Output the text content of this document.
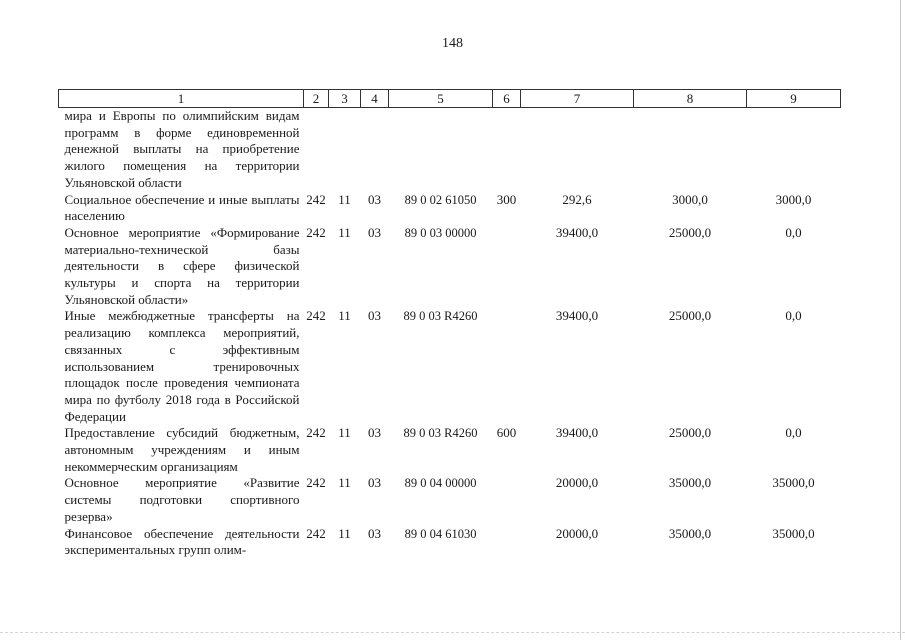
148
1	2	3	4	5	6	7	8	9
мира и Европы по олимпийским видам программ в форме единовременной денежной выплаты на приобретение жилого помещения на территории Ульяновской области								
Социальное обеспечение и иные выплаты населению	242	11	03	89 0 02 61050	300	292,6	3000,0	3000,0
Основное мероприятие «Формирование материально-технической базы деятельности в сфере физической культуры и спорта на территории Ульяновской области»	242	11	03	89 0 03 00000		39400,0	25000,0	0,0
Иные межбюджетные трансферты на реализацию комплекса мероприятий, связанных с эффективным использованием тренировочных площадок после проведения чемпионата мира по футболу 2018 года в Российской Федерации	242	11	03	89 0 03 R4260		39400,0	25000,0	0,0
Предоставление субсидий бюджетным, автономным учреждениям и иным некоммерческим организациям	242	11	03	89 0 03 R4260	600	39400,0	25000,0	0,0
Основное мероприятие «Развитие системы подготовки спортивного резерва»	242	11	03	89 0 04 00000		20000,0	35000,0	35000,0
Финансовое обеспечение деятельности экспериментальных групп олим-	242	11	03	89 0 04 61030		20000,0	35000,0	35000,0
